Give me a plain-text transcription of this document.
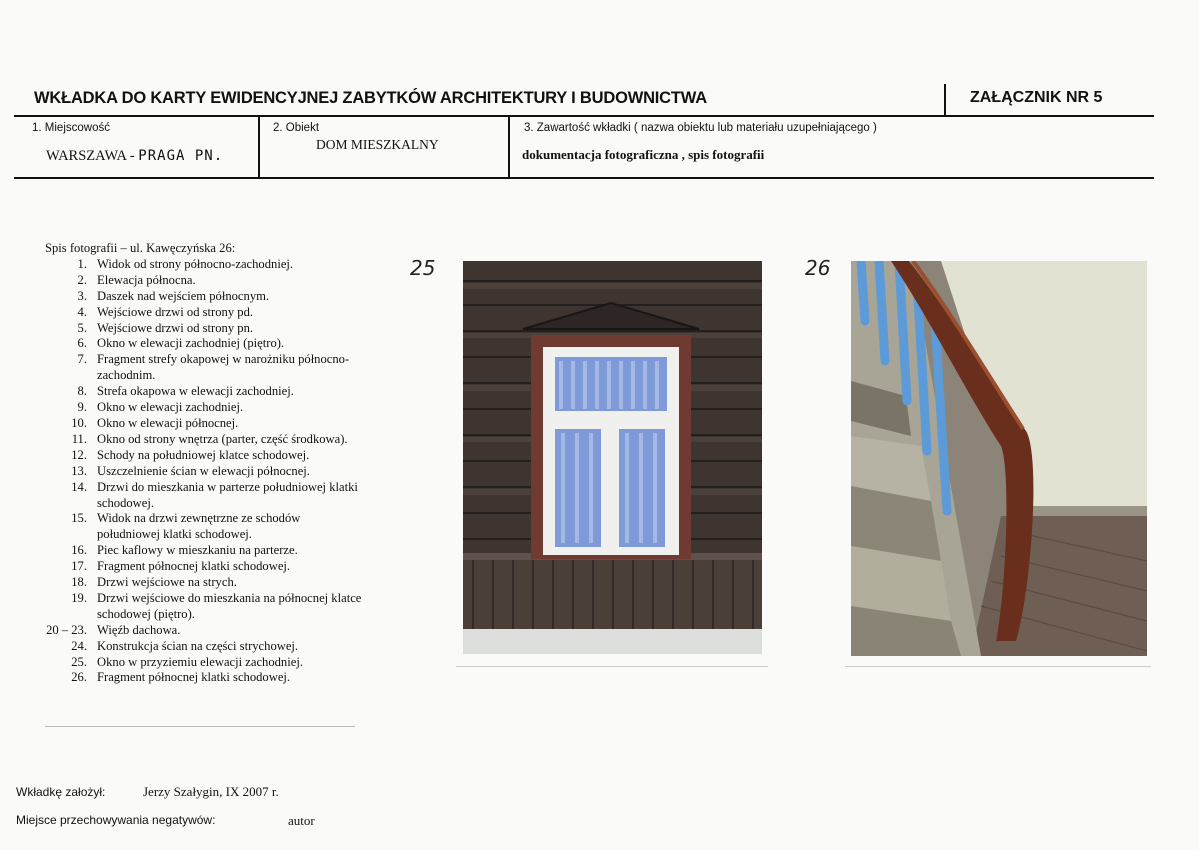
WKŁADKA DO KARTY EWIDENCYJNEJ ZABYTKÓW ARCHITEKTURY I BUDOWNICTWA	ZAŁĄCZNIK NR 5
1. Miejscowość
WARSZAWA - PRAGA PN.
2. Obiekt
DOM MIESZKALNY
3. Zawartość wkładki ( nazwa obiektu lub materiału uzupełniającego )
dokumentacja fotograficzna , spis fotografii

Spis fotografii – ul. Kawęczyńska 26:

1. Widok od strony północno-zachodniej.
2. Elewacja północna.
3. Daszek nad wejściem północnym.
4. Wejściowe drzwi od strony pd.
5. Wejściowe drzwi od strony pn.
6. Okno w elewacji zachodniej (piętro).
7. Fragment strefy okapowej w narożniku północno-zachodnim.
8. Strefa okapowa w elewacji zachodniej.
9. Okno w elewacji zachodniej.
10. Okno w elewacji północnej.
11. Okno od strony wnętrza (parter, część środkowa).
12. Schody na południowej klatce schodowej.
13. Uszczelnienie ścian w elewacji północnej.
14. Drzwi do mieszkania w parterze południowej klatki schodowej.
15. Widok na drzwi zewnętrzne ze schodów południowej klatki schodowej.
16. Piec kaflowy w mieszkaniu na parterze.
17. Fragment północnej klatki schodowej.
18. Drzwi wejściowe na strych.
19. Drzwi wejściowe do mieszkania na północnej klatce schodowej (piętro).
20 – 23. Więźb dachowa.
24. Konstrukcja ścian na części strychowej.
25. Okno w przyziemiu elewacji zachodniej.
26. Fragment północnej klatki schodowej.
25	26
Wkładkę założył:	Jerzy Szałygin, IX 2007 r.
Miejsce przechowywania negatywów:	autor
